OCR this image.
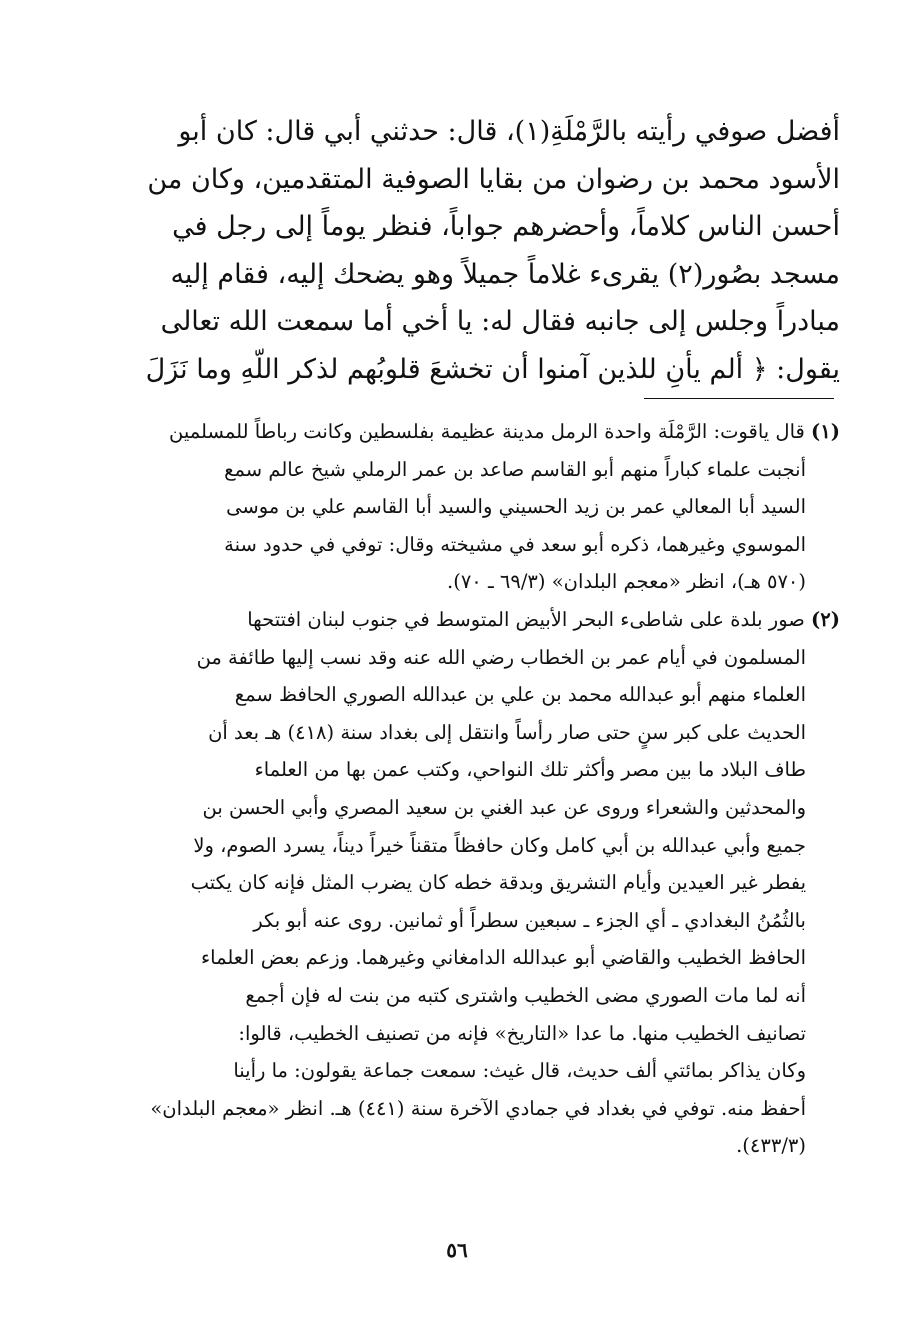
أفضل صوفي رأيته بالرَّمْلَةِ(١)، قال: حدثني أبي قال: كان أبو
الأسود محمد بن رضوان من بقايا الصوفية المتقدمين، وكان من
أحسن الناس كلاماً، وأحضرهم جواباً، فنظر يوماً إلى رجل في
مسجد بصُور(٢) يقرىء غلاماً جميلاً وهو يضحك إليه، فقام إليه
مبادراً وجلس إلى جانبه فقال له: يا أخي أما سمعت الله تعالى
يقول: ﴿ ألم يأنِ للذين آمنوا أن تخشعَ قلوبُهم لذكر اللّهِ وما نَزَلَ
(١) قال ياقوت: الرَّمْلَة واحدة الرمل مدينة عظيمة بفلسطين وكانت رباطاً للمسلمين
أنجبت علماء كباراً منهم أبو القاسم صاعد بن عمر الرملي شيخ عالم سمع
السيد أبا المعالي عمر بن زيد الحسيني والسيد أبا القاسم علي بن موسى
الموسوي وغيرهما، ذكره أبو سعد في مشيخته وقال: توفي في حدود سنة
(٥٧٠ هـ)، انظر «معجم البلدان» (٦٩/٣ ـ ٧٠).
(٢) صور بلدة على شاطىء البحر الأبيض المتوسط في جنوب لبنان افتتحها
المسلمون في أيام عمر بن الخطاب رضي الله عنه وقد نسب إليها طائفة من
العلماء منهم أبو عبدالله محمد بن علي بن عبدالله الصوري الحافظ سمع
الحديث على كبر سنٍ حتى صار رأساً وانتقل إلى بغداد سنة (٤١٨) هـ بعد أن
طاف البلاد ما بين مصر وأكثر تلك النواحي، وكتب عمن بها من العلماء
والمحدثين والشعراء وروى عن عبد الغني بن سعيد المصري وأبي الحسن بن
جميع وأبي عبدالله بن أبي كامل وكان حافظاً متقناً خيراً ديناً، يسرد الصوم، ولا
يفطر غير العيدين وأيام التشريق وبدقة خطه كان يضرب المثل فإنه كان يكتب
بالثُمُنُ البغدادي ـ أي الجزء ـ سبعين سطراً أو ثمانين. روى عنه أبو بكر
الحافظ الخطيب والقاضي أبو عبدالله الدامغاني وغيرهما. وزعم بعض العلماء
أنه لما مات الصوري مضى الخطيب واشترى كتبه من بنت له فإن أجمع
تصانيف الخطيب منها. ما عدا «التاريخ» فإنه من تصنيف الخطيب، قالوا:
وكان يذاكر بمائتي ألف حديث، قال غيث: سمعت جماعة يقولون: ما رأينا
أحفظ منه. توفي في بغداد في جمادي الآخرة سنة (٤٤١) هـ. انظر «معجم البلدان»
(٤٣٣/٣).
٥٦
